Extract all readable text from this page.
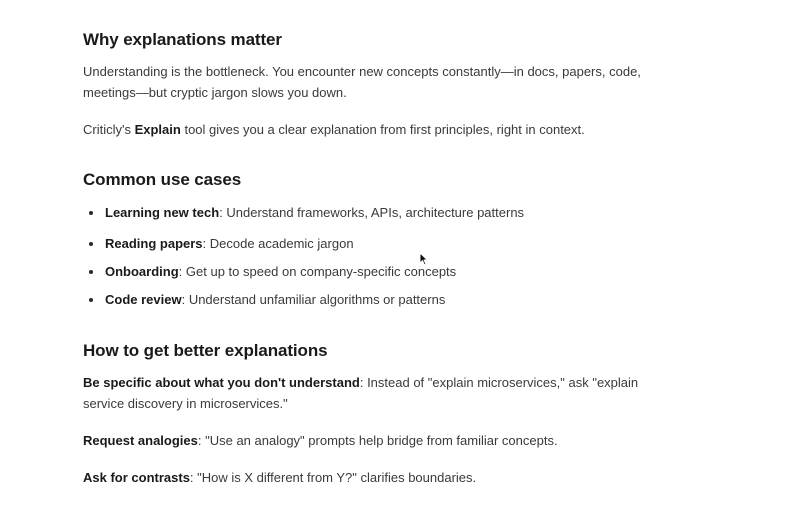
Why explanations matter

Understanding is the bottleneck. You encounter new concepts constantly—in docs, papers, code, meetings—but cryptic jargon slows you down.

Criticly's Explain tool gives you a clear explanation from first principles, right in context.

Common use cases
Learning new tech: Understand frameworks, APIs, architecture patterns
Reading papers: Decode academic jargon
Onboarding: Get up to speed on company-specific concepts
Code review: Understand unfamiliar algorithms or patterns
How to get better explanations

Be specific about what you don't understand: Instead of "explain microservices," ask "explain service discovery in microservices."

Request analogies: "Use an analogy" prompts help bridge from familiar concepts.

Ask for contrasts: "How is X different from Y?" clarifies boundaries.
